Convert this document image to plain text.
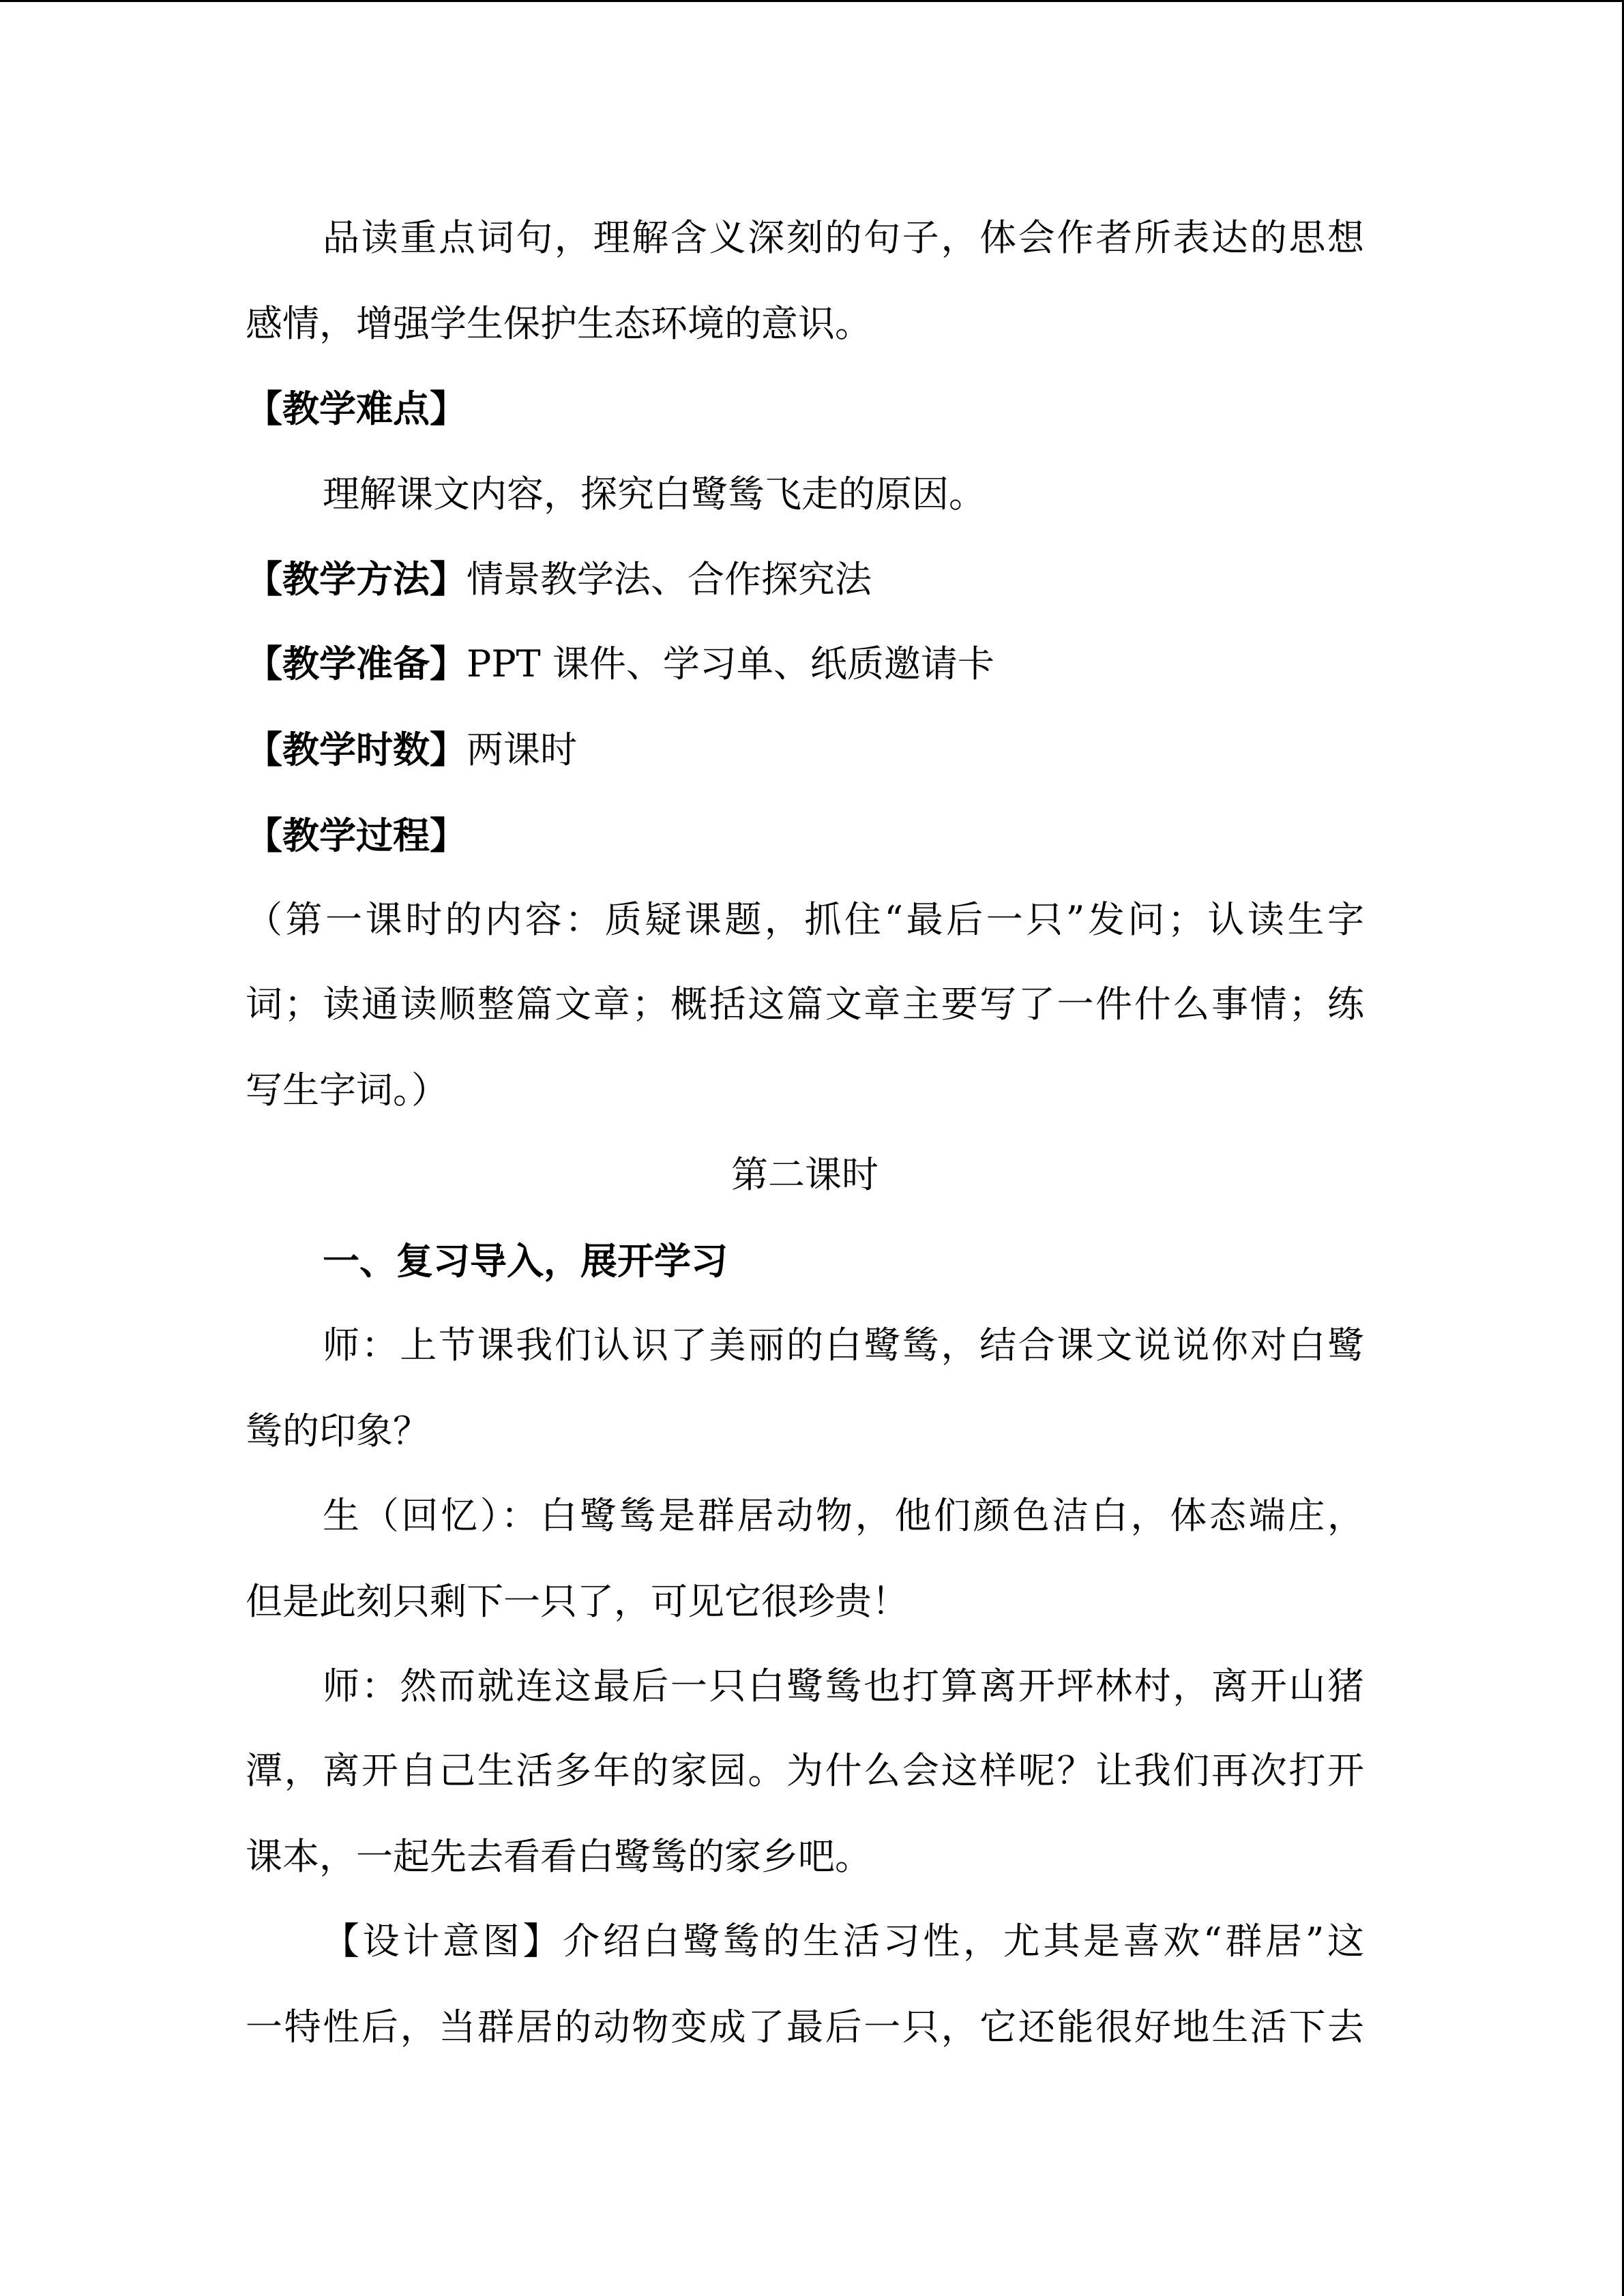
品读重点词句，理解含义深刻的句子，体会作者所表达的思想
感情，增强学生保护生态环境的意识。
【教学难点】
理解课文内容，探究白鹭鸶飞走的原因。
【教学方法】情景教学法、合作探究法
【教学准备】PPT 课件、学习单、纸质邀请卡
【教学时数】两课时
【教学过程】
（第一课时的内容：质疑课题，抓住“最后一只”发问；认读生字
词；读通读顺整篇文章；概括这篇文章主要写了一件什么事情；练
写生字词。）
第二课时
一、复习导入，展开学习
师：上节课我们认识了美丽的白鹭鸶，结合课文说说你对白鹭
鸶的印象？
生（回忆）：白鹭鸶是群居动物，他们颜色洁白，体态端庄，
但是此刻只剩下一只了，可见它很珍贵！
师：然而就连这最后一只白鹭鸶也打算离开坪林村，离开山猪
潭，离开自己生活多年的家园。为什么会这样呢？让我们再次打开
课本，一起先去看看白鹭鸶的家乡吧。
【设计意图】介绍白鹭鸶的生活习性，尤其是喜欢“群居”这
一特性后，当群居的动物变成了最后一只，它还能很好地生活下去
